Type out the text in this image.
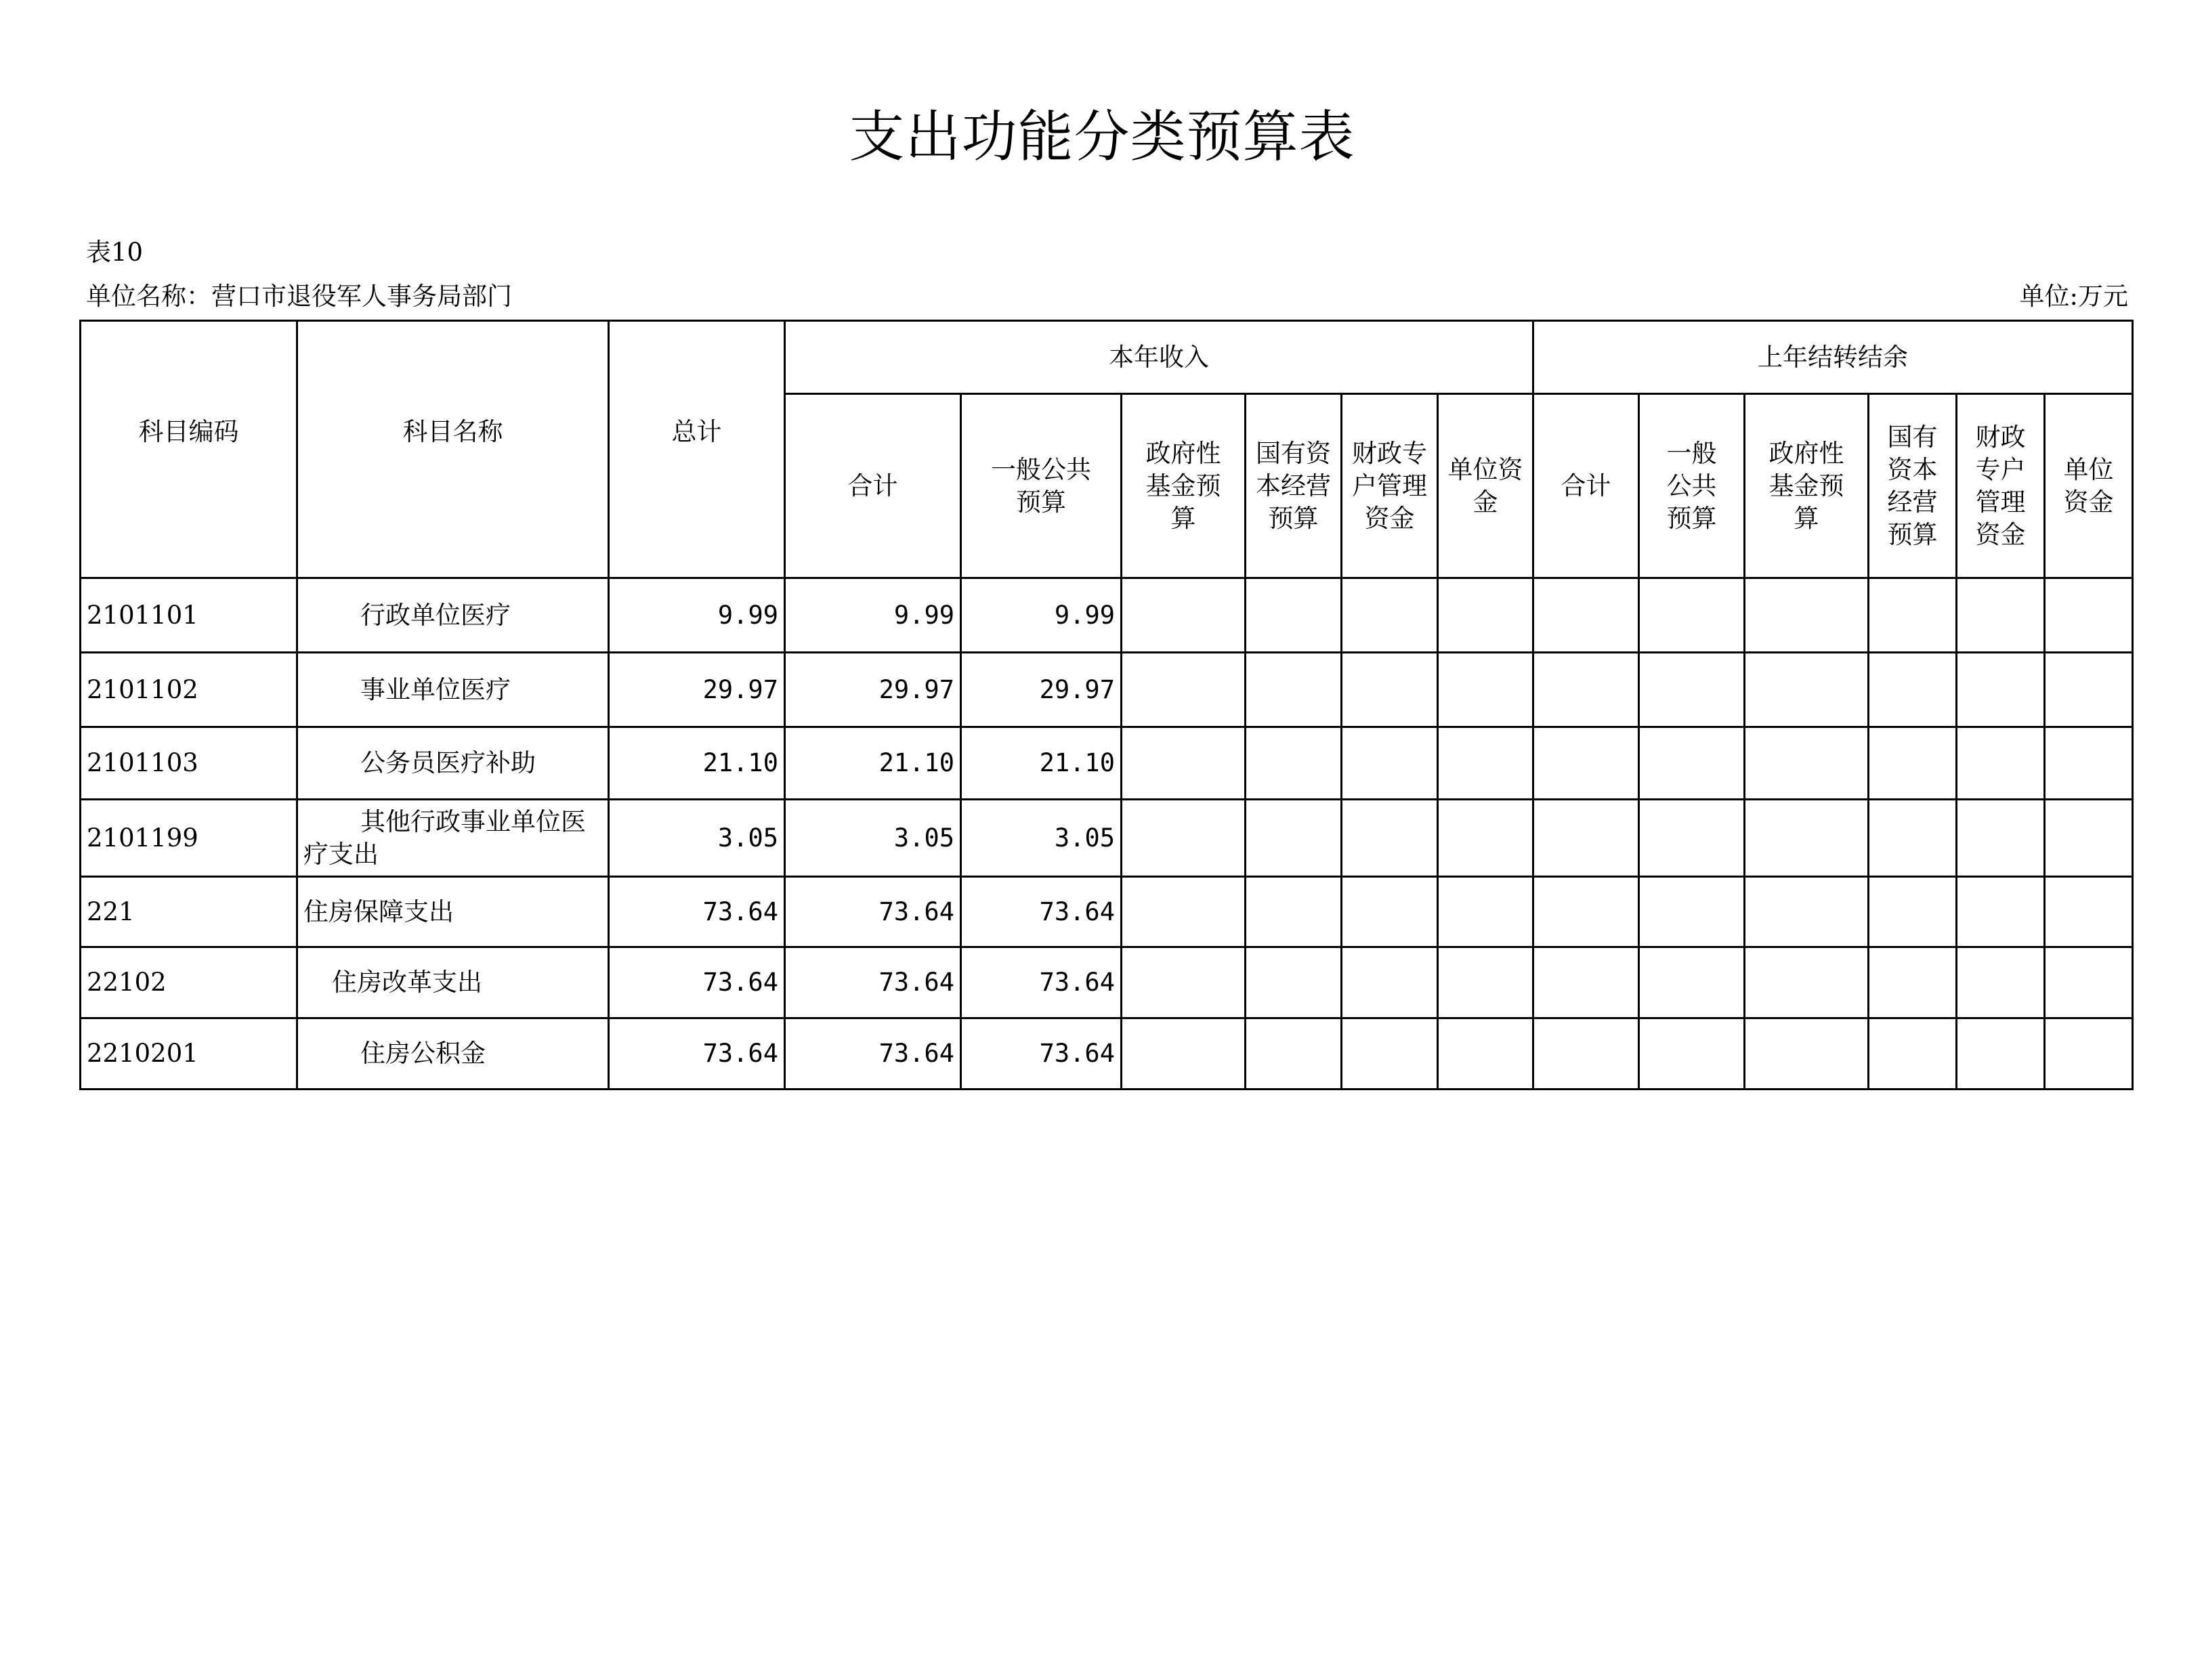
支出功能分类预算表
表10
单位名称：营口市退役军人事务局部门	单位:万元
科目编码	科目名称	总计	本年收入						上年结转结余					
			合计	一般公共预算	政府性基金预算	国有资本经营预算	财政专户管理资金	单位资金	合计	一般公共预算	政府性基金预算	国有资本经营预算	财政专户管理资金	单位资金
2101101	行政单位医疗	9.99	9.99	9.99										
2101102	事业单位医疗	29.97	29.97	29.97										
2101103	公务员医疗补助	21.10	21.10	21.10										
2101199	其他行政事业单位医疗支出	3.05	3.05	3.05										
221	住房保障支出	73.64	73.64	73.64										
22102	住房改革支出	73.64	73.64	73.64										
2210201	住房公积金	73.64	73.64	73.64										
